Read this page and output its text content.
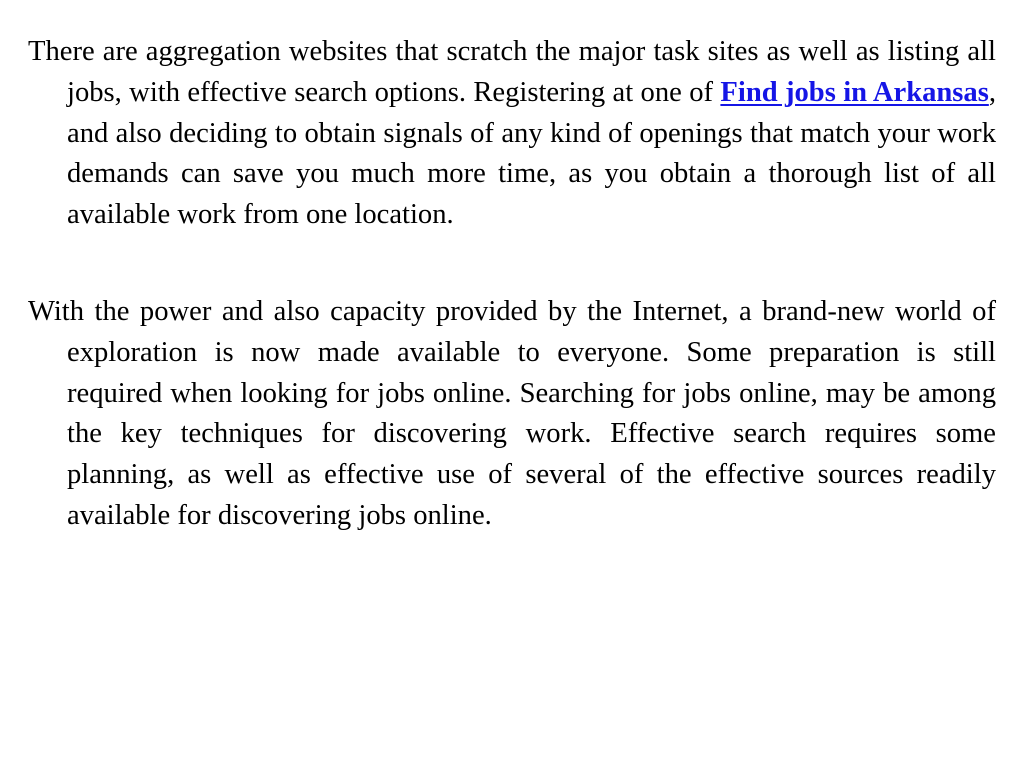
There are aggregation websites that scratch the major task sites as well as listing all jobs, with effective search options. Registering at one of Find jobs in Arkansas, and also deciding to obtain signals of any kind of openings that match your work demands can save you much more time, as you obtain a thorough list of all available work from one location.

With the power and also capacity provided by the Internet, a brand-new world of exploration is now made available to everyone. Some preparation is still required when looking for jobs online. Searching for jobs online, may be among the key techniques for discovering work. Effective search requires some planning, as well as effective use of several of the effective sources readily available for discovering jobs online.
